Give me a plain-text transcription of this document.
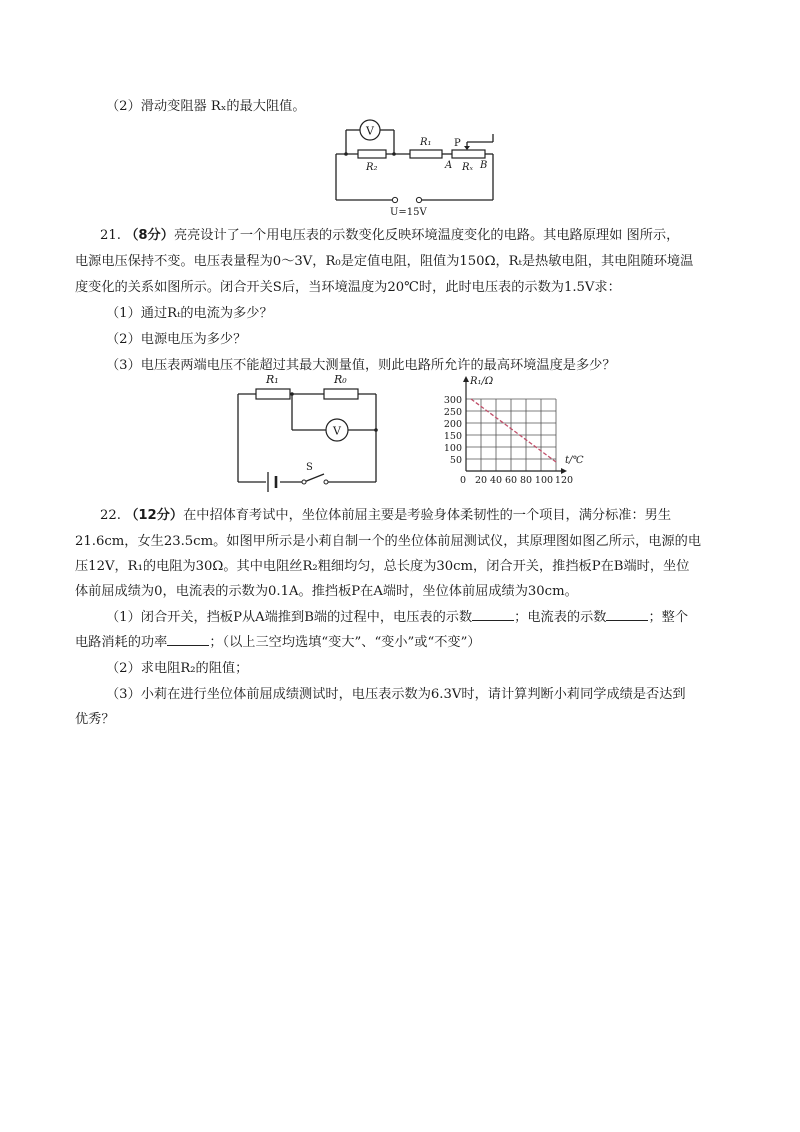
（2）滑动变阻器 Rₓ的最大阻值。
V
R₁
R₂
P
A Rₓ B
U=15V
21. （8分）亮亮设计了一个用电压表的示数变化反映环境温度变化的电路。其电路原理如 图所示，
电源电压保持不变。电压表量程为0～3V，R₀是定值电阻，阻值为150Ω，Rₜ是热敏电阻，其电阻随环境温
度变化的关系如图所示。闭合开关S后，当环境温度为20℃时，此时电压表的示数为1.5V求：
（1）通过Rₜ的电流为多少？
（2）电源电压为多少？
（3）电压表两端电压不能超过其最大测量值，则此电路所允许的最高环境温度是多少？
V
R₁	R₀
S
R₁/Ω
t/℃
300
250
200
150
100
50
0 20 40 60 80 100 120
22. （12分）在中招体育考试中，坐位体前屈主要是考验身体柔韧性的一个项目，满分标准：男生
21.6cm，女生23.5cm。如图甲所示是小莉自制一个的坐位体前屈测试仪，其原理图如图乙所示，电源的电
压12V，R₁的电阻为30Ω。其中电阻丝R₂粗细均匀，总长度为30cm，闭合开关，推挡板P在B端时，坐位
体前屈成绩为0，电流表的示数为0.1A。推挡板P在A端时，坐位体前屈成绩为30cm。
（1）闭合开关，挡板P从A端推到B端的过程中，电压表的示数	；电流表的示数	；整个
电路消耗的功率	；（以上三空均选填“变大”、“变小”或“不变”）
（2）求电阻R₂的阻值；
（3）小莉在进行坐位体前屈成绩测试时，电压表示数为6.3V时，请计算判断小莉同学成绩是否达到
优秀？
